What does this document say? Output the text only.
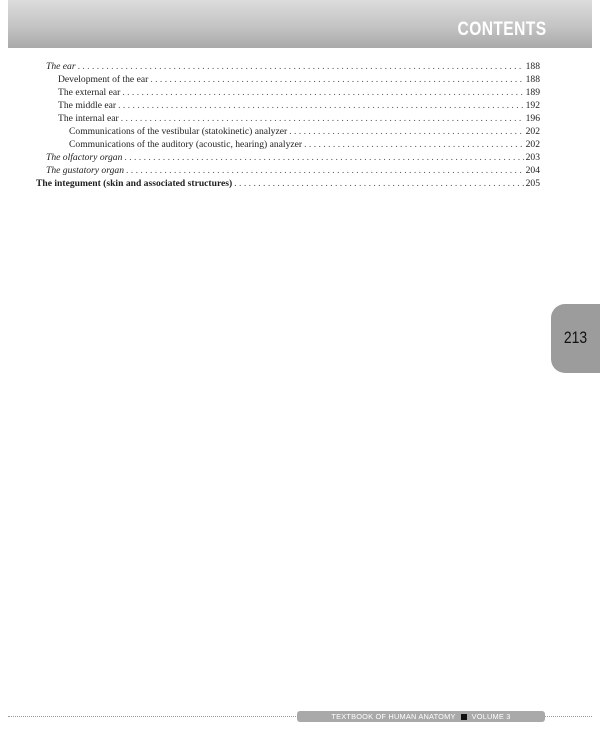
CONTENTS
The ear . . .	188
Development of the ear . . .	188
The external ear . . .	189
The middle ear . . .	192
The internal ear . . .	196
Communications of the vestibular (statokinetic) analyzer . . .	202
Communications of the auditory (acoustic, hearing) analyzer . . .	202
The olfactory organ . . .	203
The gustatory organ . . .	204
The integument (skin and associated structures) . . .	205
213
TEXTBOOK OF HUMAN ANATOMY VOLUME 3
